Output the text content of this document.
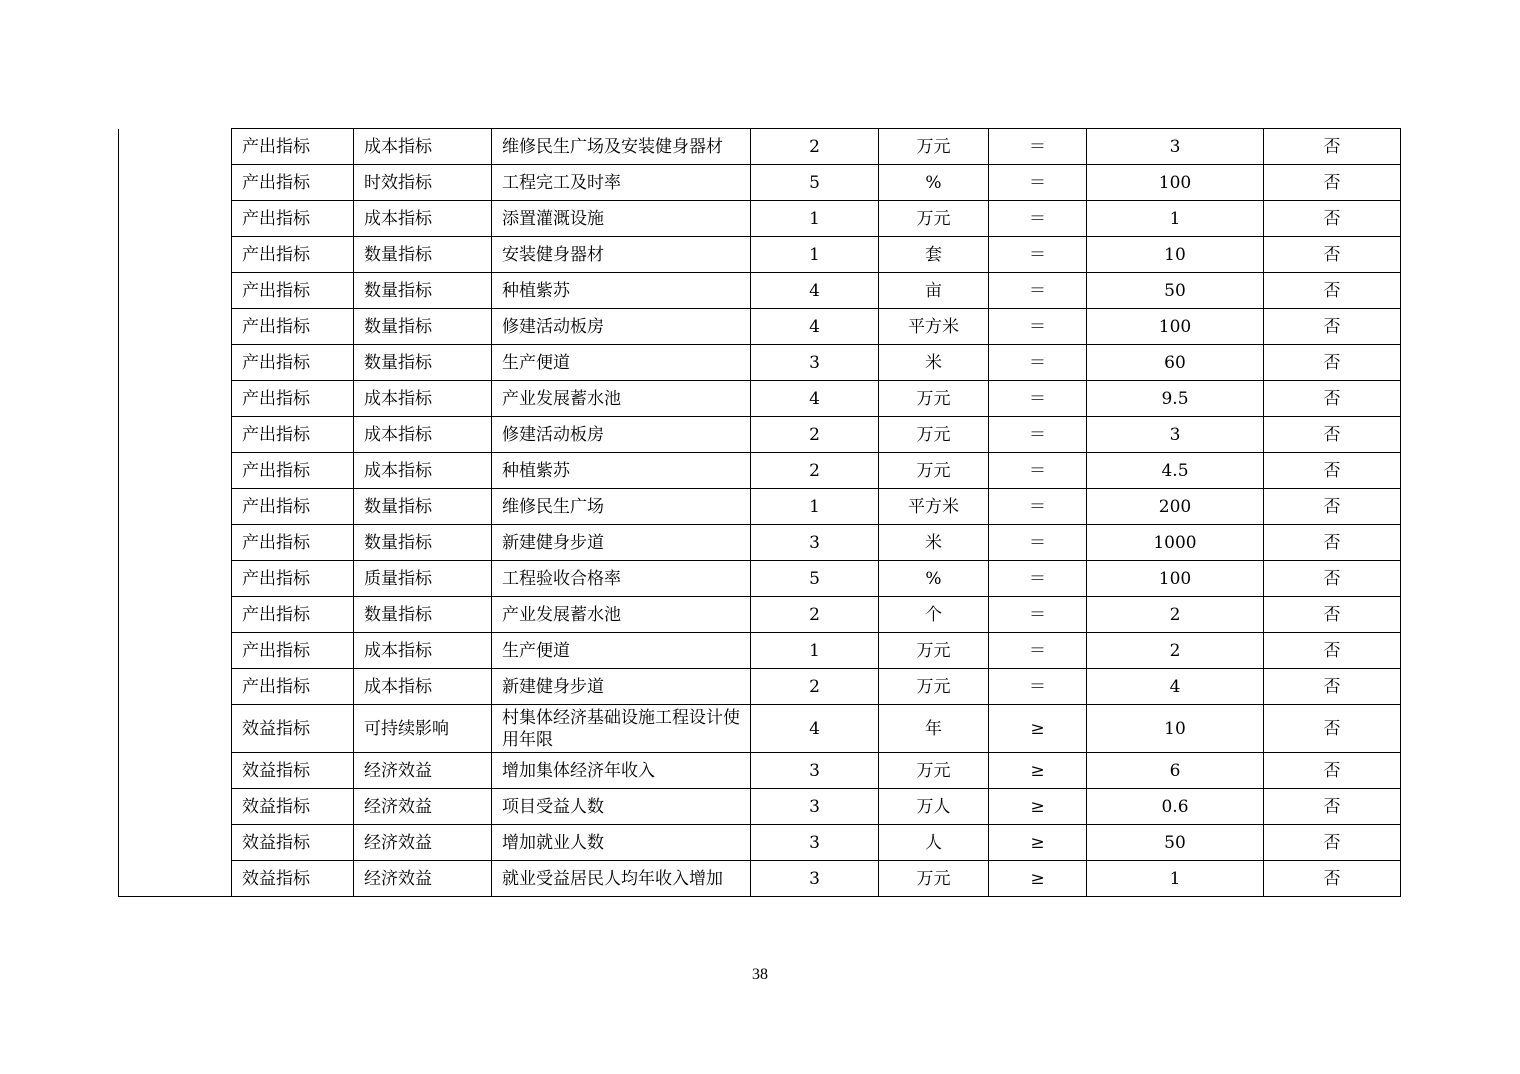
	产出指标	成本指标	维修民生广场及安装健身器材	2	万元	＝	3	否
	产出指标	时效指标	工程完工及时率	5	%	＝	100	否
	产出指标	成本指标	添置灌溉设施	1	万元	＝	1	否
	产出指标	数量指标	安装健身器材	1	套	＝	10	否
	产出指标	数量指标	种植紫苏	4	亩	＝	50	否
	产出指标	数量指标	修建活动板房	4	平方米	＝	100	否
	产出指标	数量指标	生产便道	3	米	＝	60	否
	产出指标	成本指标	产业发展蓄水池	4	万元	＝	9.5	否
	产出指标	成本指标	修建活动板房	2	万元	＝	3	否
	产出指标	成本指标	种植紫苏	2	万元	＝	4.5	否
	产出指标	数量指标	维修民生广场	1	平方米	＝	200	否
	产出指标	数量指标	新建健身步道	3	米	＝	1000	否
	产出指标	质量指标	工程验收合格率	5	%	＝	100	否
	产出指标	数量指标	产业发展蓄水池	2	个	＝	2	否
	产出指标	成本指标	生产便道	1	万元	＝	2	否
	产出指标	成本指标	新建健身步道	2	万元	＝	4	否
	效益指标	可持续影响	村集体经济基础设施工程设计使用年限	4	年	≥	10	否
	效益指标	经济效益	增加集体经济年收入	3	万元	≥	6	否
	效益指标	经济效益	项目受益人数	3	万人	≥	0.6	否
	效益指标	经济效益	增加就业人数	3	人	≥	50	否
	效益指标	经济效益	就业受益居民人均年收入增加	3	万元	≥	1	否
38
